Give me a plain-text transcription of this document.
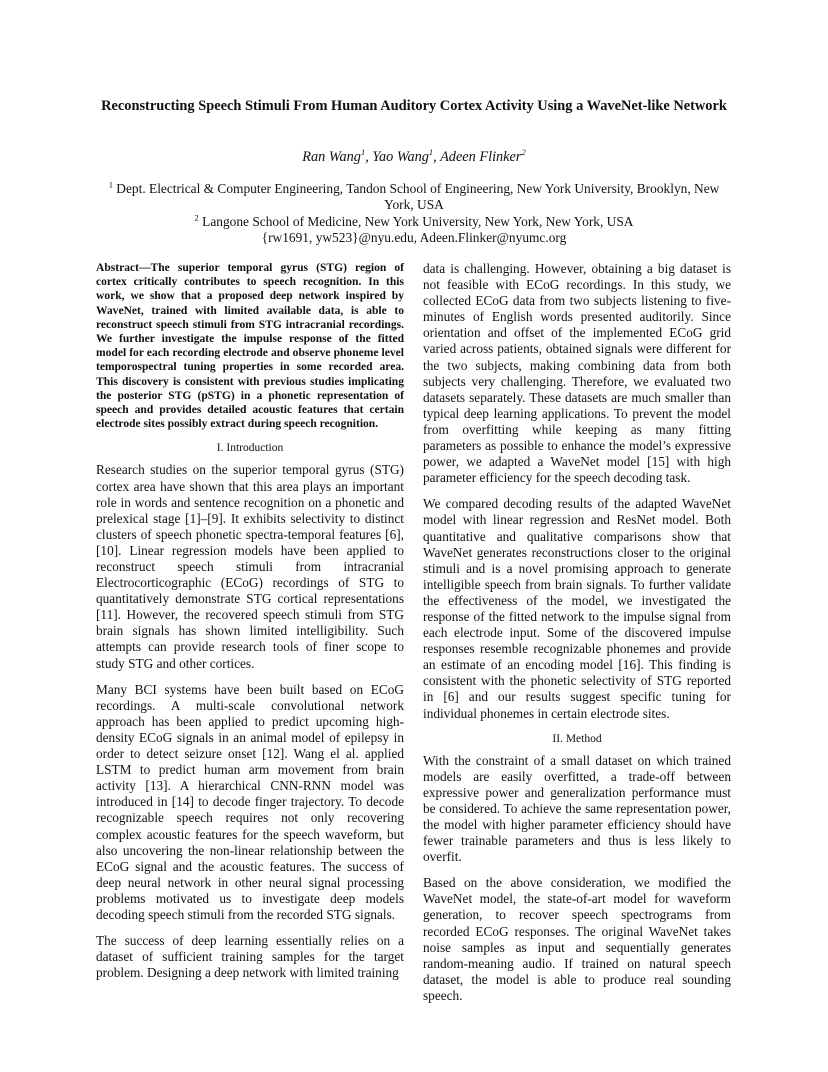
Reconstructing Speech Stimuli From Human Auditory Cortex Activity Using a WaveNet-like Network
Ran Wang$^1$, Yao Wang$^1$, Adeen Flinker$^2$
$^1$ Dept. Electrical & Computer Engineering, Tandon School of Engineering, New York University, Brooklyn, New York, USA
$^2$ Langone School of Medicine, New York University, New York, New York, USA
{rw1691, yw523}@nyu.edu, Adeen.Flinker@nyumc.org

Abstract—The superior temporal gyrus (STG) region of cortex critically contributes to speech recognition. In this work, we show that a proposed deep network inspired by WaveNet, trained with limited available data, is able to reconstruct speech stimuli from STG intracranial recordings. We further investigate the impulse response of the fitted model for each recording electrode and observe phoneme level temporospectral tuning properties in some recorded area. This discovery is consistent with previous studies implicating the posterior STG (pSTG) in a phonetic representation of speech and provides detailed acoustic features that certain electrode sites possibly extract during speech recognition.

I. Introduction

Research studies on the superior temporal gyrus (STG) cortex area have shown that this area plays an important role in words and sentence recognition on a phonetic and prelexical stage [1]–[9]. It exhibits selectivity to distinct clusters of speech phonetic spectra-temporal features [6], [10]. Linear regression models have been applied to reconstruct speech stimuli from intracranial Electrocorticographic (ECoG) recordings of STG to quantitatively demonstrate STG cortical representations [11]. However, the recovered speech stimuli from STG brain signals has shown limited intelligibility. Such attempts can provide research tools of finer scope to study STG and other cortices.

Many BCI systems have been built based on ECoG recordings. A multi-scale convolutional network approach has been applied to predict upcoming high-density ECoG signals in an animal model of epilepsy in order to detect seizure onset [12]. Wang el al. applied LSTM to predict human arm movement from brain activity [13]. A hierarchical CNN-RNN model was introduced in [14] to decode finger trajectory. To decode recognizable speech requires not only recovering complex acoustic features for the speech waveform, but also uncovering the non-linear relationship between the ECoG signal and the acoustic features. The success of deep neural network in other neural signal processing problems motivated us to investigate deep models decoding speech stimuli from the recorded STG signals.

The success of deep learning essentially relies on a dataset of sufficient training samples for the target problem. Designing a deep network with limited training

data is challenging. However, obtaining a big dataset is not feasible with ECoG recordings. In this study, we collected ECoG data from two subjects listening to five-minutes of English words presented auditorily. Since orientation and offset of the implemented ECoG grid varied across patients, obtained signals were different for the two subjects, making combining data from both subjects very challenging. Therefore, we evaluated two datasets separately. These datasets are much smaller than typical deep learning applications. To prevent the model from overfitting while keeping as many fitting parameters as possible to enhance the model’s expressive power, we adapted a WaveNet model [15] with high parameter efficiency for the speech decoding task.

We compared decoding results of the adapted WaveNet model with linear regression and ResNet model. Both quantitative and qualitative comparisons show that WaveNet generates reconstructions closer to the original stimuli and is a novel promising approach to generate intelligible speech from brain signals. To further validate the effectiveness of the model, we investigated the response of the fitted network to the impulse signal from each electrode input. Some of the discovered impulse responses resemble recognizable phonemes and provide an estimate of an encoding model [16]. This finding is consistent with the phonetic selectivity of STG reported in [6] and our results suggest specific tuning for individual phonemes in certain electrode sites.

II. Method

With the constraint of a small dataset on which trained models are easily overfitted, a trade-off between expressive power and generalization performance must be considered. To achieve the same representation power, the model with higher parameter efficiency should have fewer trainable parameters and thus is less likely to overfit.

Based on the above consideration, we modified the WaveNet model, the state-of-art model for waveform generation, to recover speech spectrograms from recorded ECoG responses. The original WaveNet takes noise samples as input and sequentially generates random-meaning audio. If trained on natural speech dataset, the model is able to produce real sounding speech.
